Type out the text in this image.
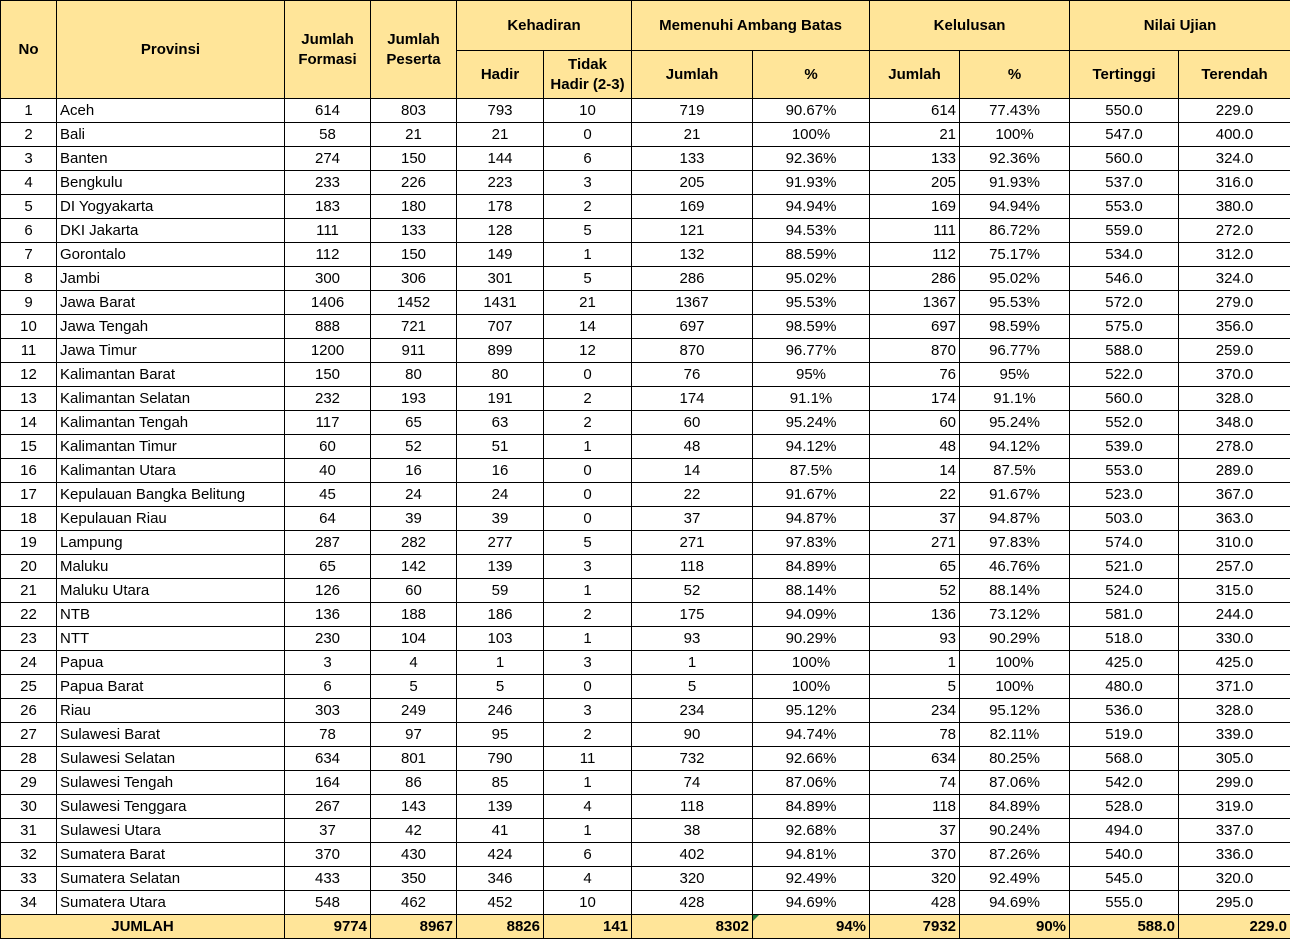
No	Provinsi	Jumlah Formasi	Jumlah Peserta	Kehadiran		Memenuhi Ambang Batas		Kelulusan		Nilai Ujian	
				Hadir	Tidak Hadir (2-3)	Jumlah	%	Jumlah	%	Tertinggi	Terendah
1	Aceh	614	803	793	10	719	90.67%	614	77.43%	550.0	229.0
2	Bali	58	21	21	0	21	100%	21	100%	547.0	400.0
3	Banten	274	150	144	6	133	92.36%	133	92.36%	560.0	324.0
4	Bengkulu	233	226	223	3	205	91.93%	205	91.93%	537.0	316.0
5	DI Yogyakarta	183	180	178	2	169	94.94%	169	94.94%	553.0	380.0
6	DKI Jakarta	111	133	128	5	121	94.53%	111	86.72%	559.0	272.0
7	Gorontalo	112	150	149	1	132	88.59%	112	75.17%	534.0	312.0
8	Jambi	300	306	301	5	286	95.02%	286	95.02%	546.0	324.0
9	Jawa Barat	1406	1452	1431	21	1367	95.53%	1367	95.53%	572.0	279.0
10	Jawa Tengah	888	721	707	14	697	98.59%	697	98.59%	575.0	356.0
11	Jawa Timur	1200	911	899	12	870	96.77%	870	96.77%	588.0	259.0
12	Kalimantan Barat	150	80	80	0	76	95%	76	95%	522.0	370.0
13	Kalimantan Selatan	232	193	191	2	174	91.1%	174	91.1%	560.0	328.0
14	Kalimantan Tengah	117	65	63	2	60	95.24%	60	95.24%	552.0	348.0
15	Kalimantan Timur	60	52	51	1	48	94.12%	48	94.12%	539.0	278.0
16	Kalimantan Utara	40	16	16	0	14	87.5%	14	87.5%	553.0	289.0
17	Kepulauan Bangka Belitung	45	24	24	0	22	91.67%	22	91.67%	523.0	367.0
18	Kepulauan Riau	64	39	39	0	37	94.87%	37	94.87%	503.0	363.0
19	Lampung	287	282	277	5	271	97.83%	271	97.83%	574.0	310.0
20	Maluku	65	142	139	3	118	84.89%	65	46.76%	521.0	257.0
21	Maluku Utara	126	60	59	1	52	88.14%	52	88.14%	524.0	315.0
22	NTB	136	188	186	2	175	94.09%	136	73.12%	581.0	244.0
23	NTT	230	104	103	1	93	90.29%	93	90.29%	518.0	330.0
24	Papua	3	4	1	3	1	100%	1	100%	425.0	425.0
25	Papua Barat	6	5	5	0	5	100%	5	100%	480.0	371.0
26	Riau	303	249	246	3	234	95.12%	234	95.12%	536.0	328.0
27	Sulawesi Barat	78	97	95	2	90	94.74%	78	82.11%	519.0	339.0
28	Sulawesi Selatan	634	801	790	11	732	92.66%	634	80.25%	568.0	305.0
29	Sulawesi Tengah	164	86	85	1	74	87.06%	74	87.06%	542.0	299.0
30	Sulawesi Tenggara	267	143	139	4	118	84.89%	118	84.89%	528.0	319.0
31	Sulawesi Utara	37	42	41	1	38	92.68%	37	90.24%	494.0	337.0
32	Sumatera Barat	370	430	424	6	402	94.81%	370	87.26%	540.0	336.0
33	Sumatera Selatan	433	350	346	4	320	92.49%	320	92.49%	545.0	320.0
34	Sumatera Utara	548	462	452	10	428	94.69%	428	94.69%	555.0	295.0
JUMLAH		9774	8967	8826	141	8302	94%	7932	90%	588.0	229.0
